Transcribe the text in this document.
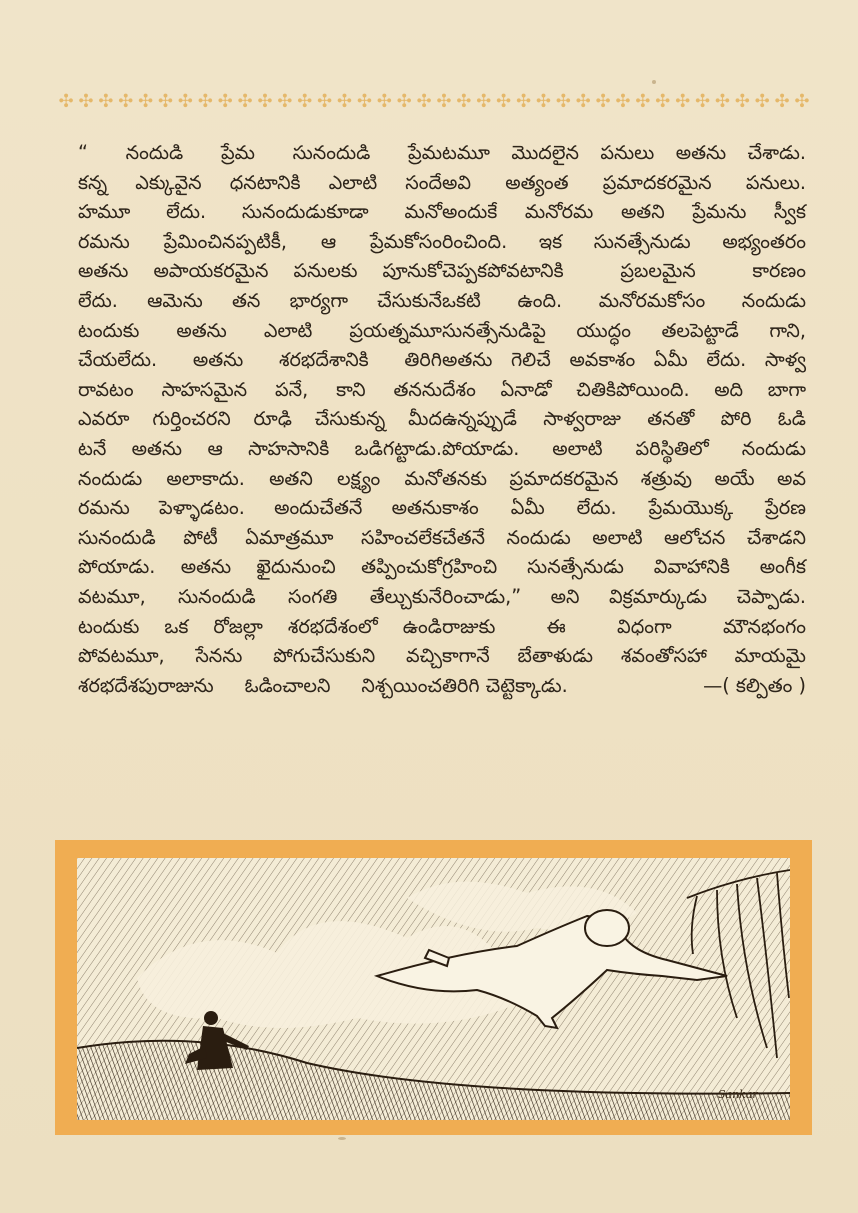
✣ ✣ ✣ ✣ ✣ ✣ ✣ ✣ ✣ ✣ ✣ ✣ ✣ ✣ ✣ ✣ ✣ ✣ ✣ ✣ ✣ ✣ ✣ ✣ ✣ ✣ ✣ ✣ ✣ ✣ ✣ ✣ ✣ ✣ ✣ ✣ ✣ ✣

“ నందుడి ప్రేమ సునందుడి ప్రేమ

కన్న ఎక్కువైన ధనటానికి ఎలాటి సందే

హమూ లేదు. సునందుడుకూడా మనో

రమను ప్రేమించినప్పటికీ, ఆ ప్రేమకోసం

అతను అపాయకరమైన పనులకు పూనుకో

లేదు. ఆమెను తన భార్యగా చేసుకునే

టందుకు అతను ఎలాటి ప్రయత్నమూ

చేయలేదు. అతను శరభదేశానికి తిరిగి

రావటం సాహసమైన పనే, కాని తనను

ఎవరూ గుర్తించరని రూఢి చేసుకున్న మీద

టనే అతను ఆ సాహసానికి ఒడిగట్టాడు.

నందుడు అలాకాదు. అతని లక్ష్యం మనో

రమను పెళ్ళాడటం. అందుచేతనే అతను

సునందుడి పోటీ ఏమాత్రమూ సహించలేక

పోయాడు. అతను ఖైదునుంచి తప్పించుకో

వటమూ, సునందుడి సంగతి తేల్చుకునే

టందుకు ఒక రోజల్లా శరభదేశంలో ఉండి

పోవటమూ, సేనను పోగుచేసుకుని వచ్చి

శరభదేశపురాజును ఓడించాలని నిశ్చయించ

టమూ మొదలైన పనులు అతను చేశాడు.

అవి అత్యంత ప్రమాదకరమైన పనులు.

అందుకే మనోరమ అతని ప్రేమను స్వీక

రించింది. ఇక సునత్సేనుడు అభ్యంతరం

చెప్పకపోవటానికి ప్రబలమైన కారణం

ఒకటి ఉంది. మనోరమకోసం నందుడు

సునత్సేనుడిపై యుద్ధం తలపెట్టాడే గాని,

అతను గెలిచే అవకాశం ఏమీ లేదు. సాళ్వ

దేశం ఏనాడో చితికిపోయింది. అది బాగా

ఉన్నప్పుడే సాళ్వరాజు తనతో పోరి ఓడి

పోయాడు. అలాటి పరిస్థితిలో నందుడు

తనకు ప్రమాదకరమైన శత్రువు అయే అవ

కాశం ఏమీ లేదు. ప్రేమయొక్క ప్రేరణ

చేతనే నందుడు అలాటి ఆలోచన చేశాడని

గ్రహించి సునత్సేనుడు వివాహానికి అంగీక

రించాడు,” అని విక్రమార్కుడు చెప్పాడు.

రాజుకు ఈ విధంగా మౌనభంగం

కాగానే బేతాళుడు శవంతోసహా మాయమై

తిరిగి చెట్టెక్కాడు.	—( కల్పితం )

Sankar
